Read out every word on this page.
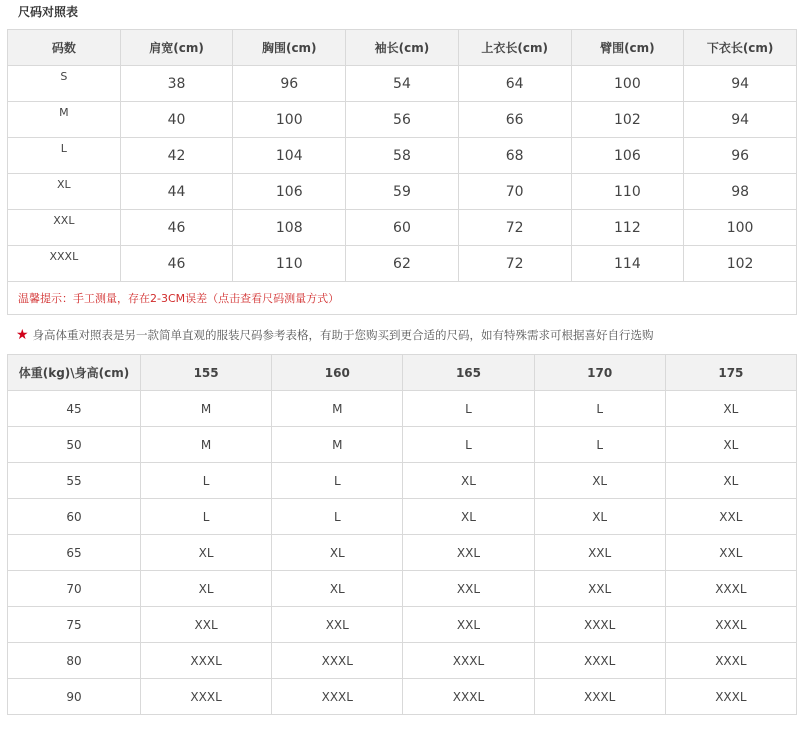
尺码对照表
码数	肩宽(cm)	胸围(cm)	袖长(cm)	上衣长(cm)	臂围(cm)	下衣长(cm)
S	38	96	54	64	100	94
M	40	100	56	66	102	94
L	42	104	58	68	106	96
XL	44	106	59	70	110	98
XXL	46	108	60	72	112	100
XXXL	46	110	62	72	114	102
温馨提示：手工测量，存在2-3CM误差（点击查看尺码测量方式）						
★ 身高体重对照表是另一款简单直观的服装尺码参考表格，有助于您购买到更合适的尺码，如有特殊需求可根据喜好自行选购
体重(kg)\身高(cm)	155	160	165	170	175
45	M	M	L	L	XL
50	M	M	L	L	XL
55	L	L	XL	XL	XL
60	L	L	XL	XL	XXL
65	XL	XL	XXL	XXL	XXL
70	XL	XL	XXL	XXL	XXXL
75	XXL	XXL	XXL	XXXL	XXXL
80	XXXL	XXXL	XXXL	XXXL	XXXL
90	XXXL	XXXL	XXXL	XXXL	XXXL
